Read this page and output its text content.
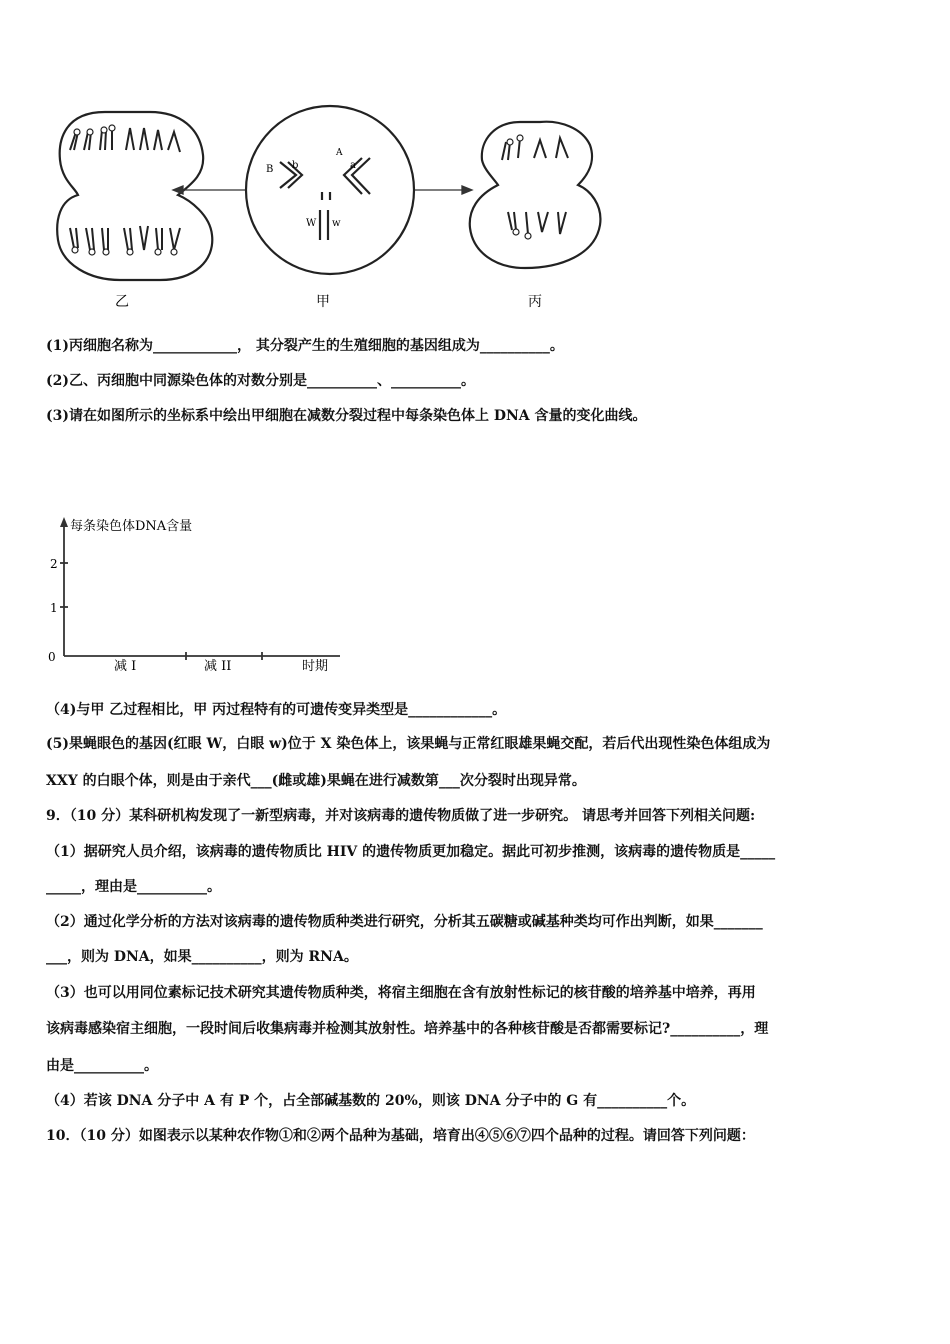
B b
A
a
W w
乙	甲	丙
(1)丙细胞名称为____________， 其分裂产生的生殖细胞的基因组成为__________。
(2)乙、丙细胞中同源染色体的对数分别是__________、__________。
(3)请在如图所示的坐标系中绘出甲细胞在减数分裂过程中每条染色体上 DNA 含量的变化曲线。
每条染色体DNA含量
2
1
0
减 I	减 II	时期
（4)与甲 乙过程相比，甲 丙过程特有的可遗传变异类型是____________。
(5)果蝇眼色的基因(红眼 W，白眼 w)位于 X 染色体上，该果蝇与正常红眼雄果蝇交配，若后代出现性染色体组成为
XXY 的白眼个体，则是由于亲代___(雌或雄)果蝇在进行减数第___次分裂时出现异常。
9．（10 分）某科研机构发现了一新型病毒，并对该病毒的遗传物质做了进一步研究。 请思考并回答下列相关问题:
（1）据研究人员介绍，该病毒的遗传物质比 HIV 的遗传物质更加稳定。据此可初步推测，该病毒的遗传物质是_____
_____，理由是__________。
（2）通过化学分析的方法对该病毒的遗传物质种类进行研究，分析其五碳糖或碱基种类均可作出判断，如果_______
___，则为 DNA，如果__________，则为 RNA。
（3）也可以用同位素标记技术研究其遗传物质种类，将宿主细胞在含有放射性标记的核苷酸的培养基中培养，再用
该病毒感染宿主细胞，一段时间后收集病毒并检测其放射性。培养基中的各种核苷酸是否都需要标记?__________，理
由是__________。
（4）若该 DNA 分子中 A 有 P 个，占全部碱基数的 20%，则该 DNA 分子中的 G 有__________个。
10．（10 分）如图表示以某种农作物①和②两个品种为基础，培育出④⑤⑥⑦四个品种的过程。请回答下列问题：
